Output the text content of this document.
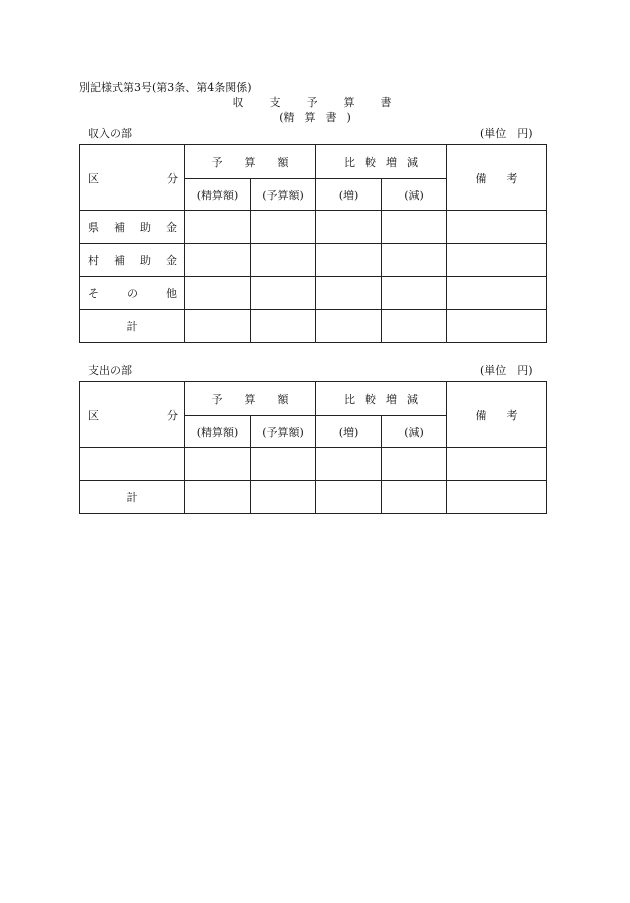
別記様式第3号(第3条、第4条関係)
収支予算書
(精算書)
収入の部	(単位　円)
区 分	予算額		比較増減		備考
	(精算額)	(予算額)	(増)	(減)	

県 補 助 金					

村 補 助 金					

そ の 他					

計					
支出の部	(単位　円)
区 分	予算額		比較増減		備考
	(精算額)	(予算額)	(増)	(減)	

計					
